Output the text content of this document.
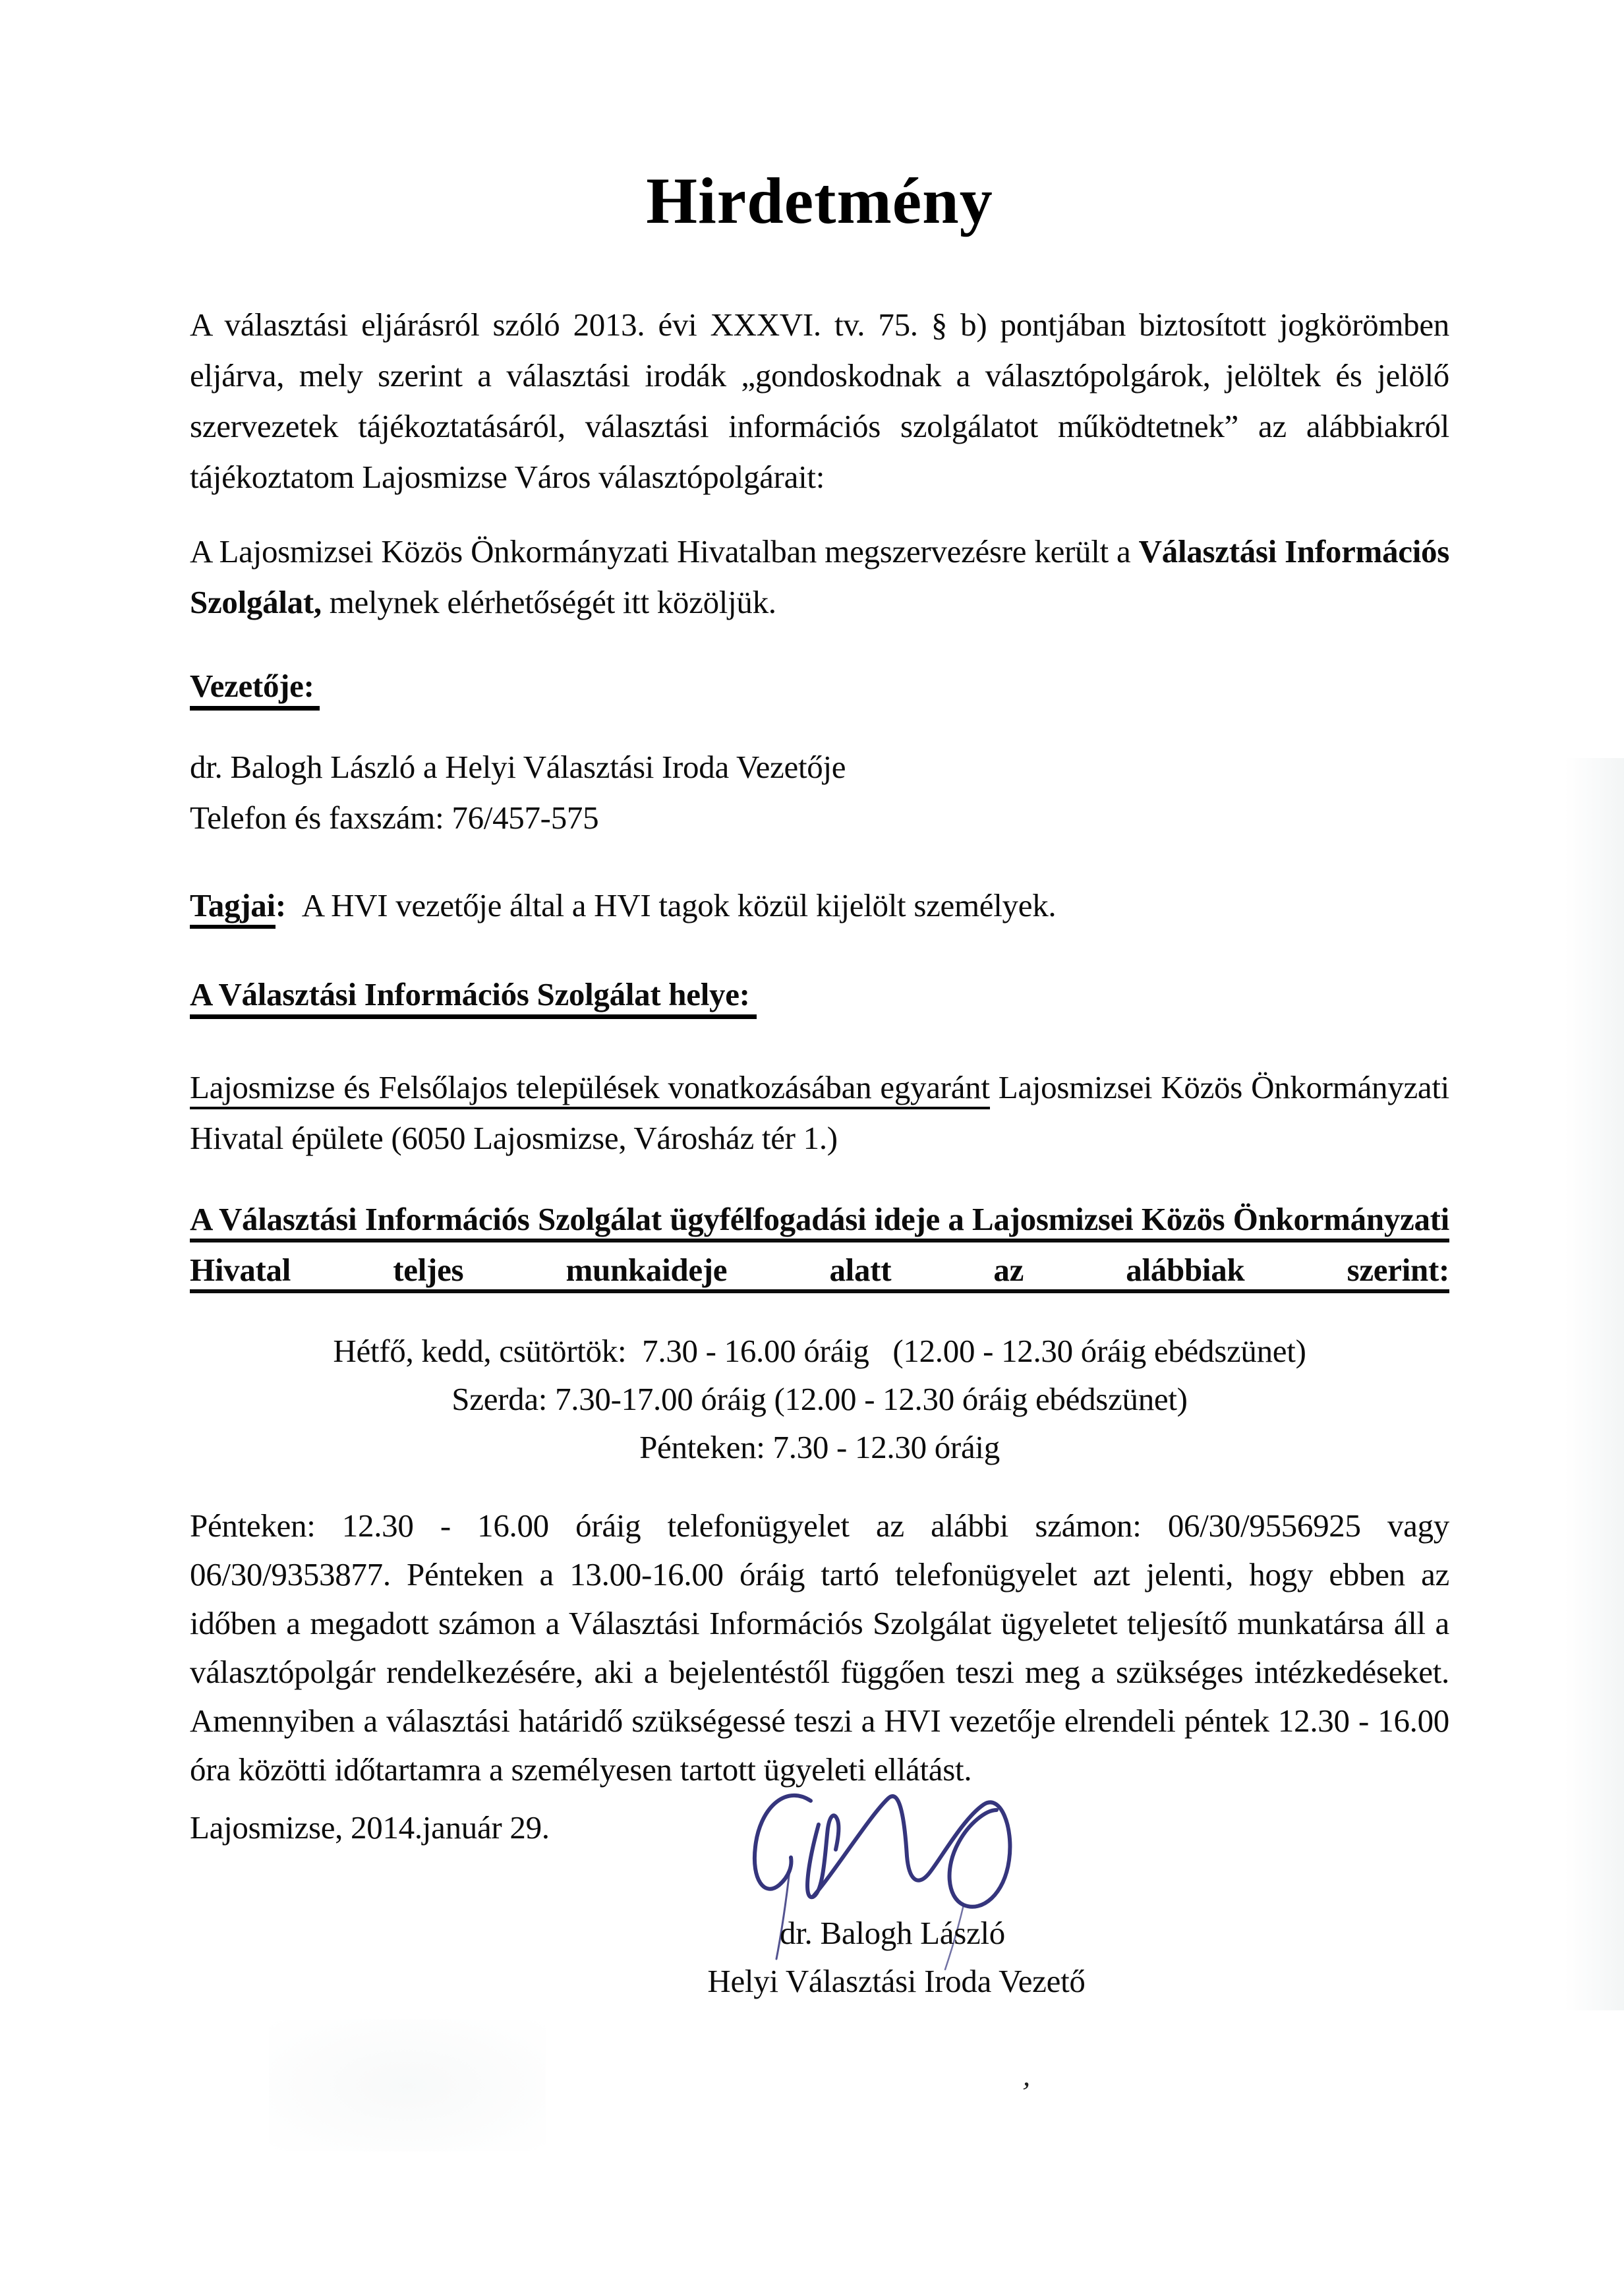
Hirdetmény

A választási eljárásról szóló 2013. évi XXXVI. tv. 75. § b) pontjában biztosított jogkörömben eljárva, mely szerint a választási irodák „gondoskodnak a választópolgárok, jelöltek és jelölő szervezetek tájékoztatásáról, választási információs szolgálatot működtetnek” az alábbiakról tájékoztatom Lajosmizse Város választópolgárait:

A Lajosmizsei Közös Önkormányzati Hivatalban megszervezésre került a Választási Információs Szolgálat, melynek elérhetőségét itt közöljük.

Vezetője:

dr. Balogh László a Helyi Választási Iroda Vezetője
Telefon és faxszám: 76/457-575

Tagjai:  A HVI vezetője által a HVI tagok közül kijelölt személyek.

A Választási Információs Szolgálat helye:

Lajosmizse és Felsőlajos települések vonatkozásában egyaránt Lajosmizsei Közös Önkormányzati Hivatal épülete (6050 Lajosmizse, Városház tér 1.)

A Választási Információs Szolgálat ügyfélfogadási ideje a Lajosmizsei Közös Önkormányzati Hivatal teljes munkaideje alatt az alábbiak szerint:

Hétfő, kedd, csütörtök:  7.30 - 16.00 óráig   (12.00 - 12.30 óráig ebédszünet)
Szerda: 7.30-17.00 óráig (12.00 - 12.30 óráig ebédszünet)
Pénteken: 7.30 - 12.30 óráig

Pénteken: 12.30 - 16.00 óráig telefonügyelet az alábbi számon: 06/30/9556925 vagy 06/30/9353877. Pénteken a 13.00-16.00 óráig tartó telefonügyelet azt jelenti, hogy ebben az időben a megadott számon a Választási Információs Szolgálat ügyeletet teljesítő munkatársa áll a választópolgár rendelkezésére, aki a bejelentéstől függően teszi meg a szükséges intézkedéseket. Amennyiben a választási határidő szükségessé teszi a HVI vezetője elrendeli péntek 12.30 - 16.00 óra közötti időtartamra a személyesen tartott ügyeleti ellátást.

Lajosmizse, 2014.január 29.
dr. Balogh László
Helyi Választási Iroda Vezető
,
